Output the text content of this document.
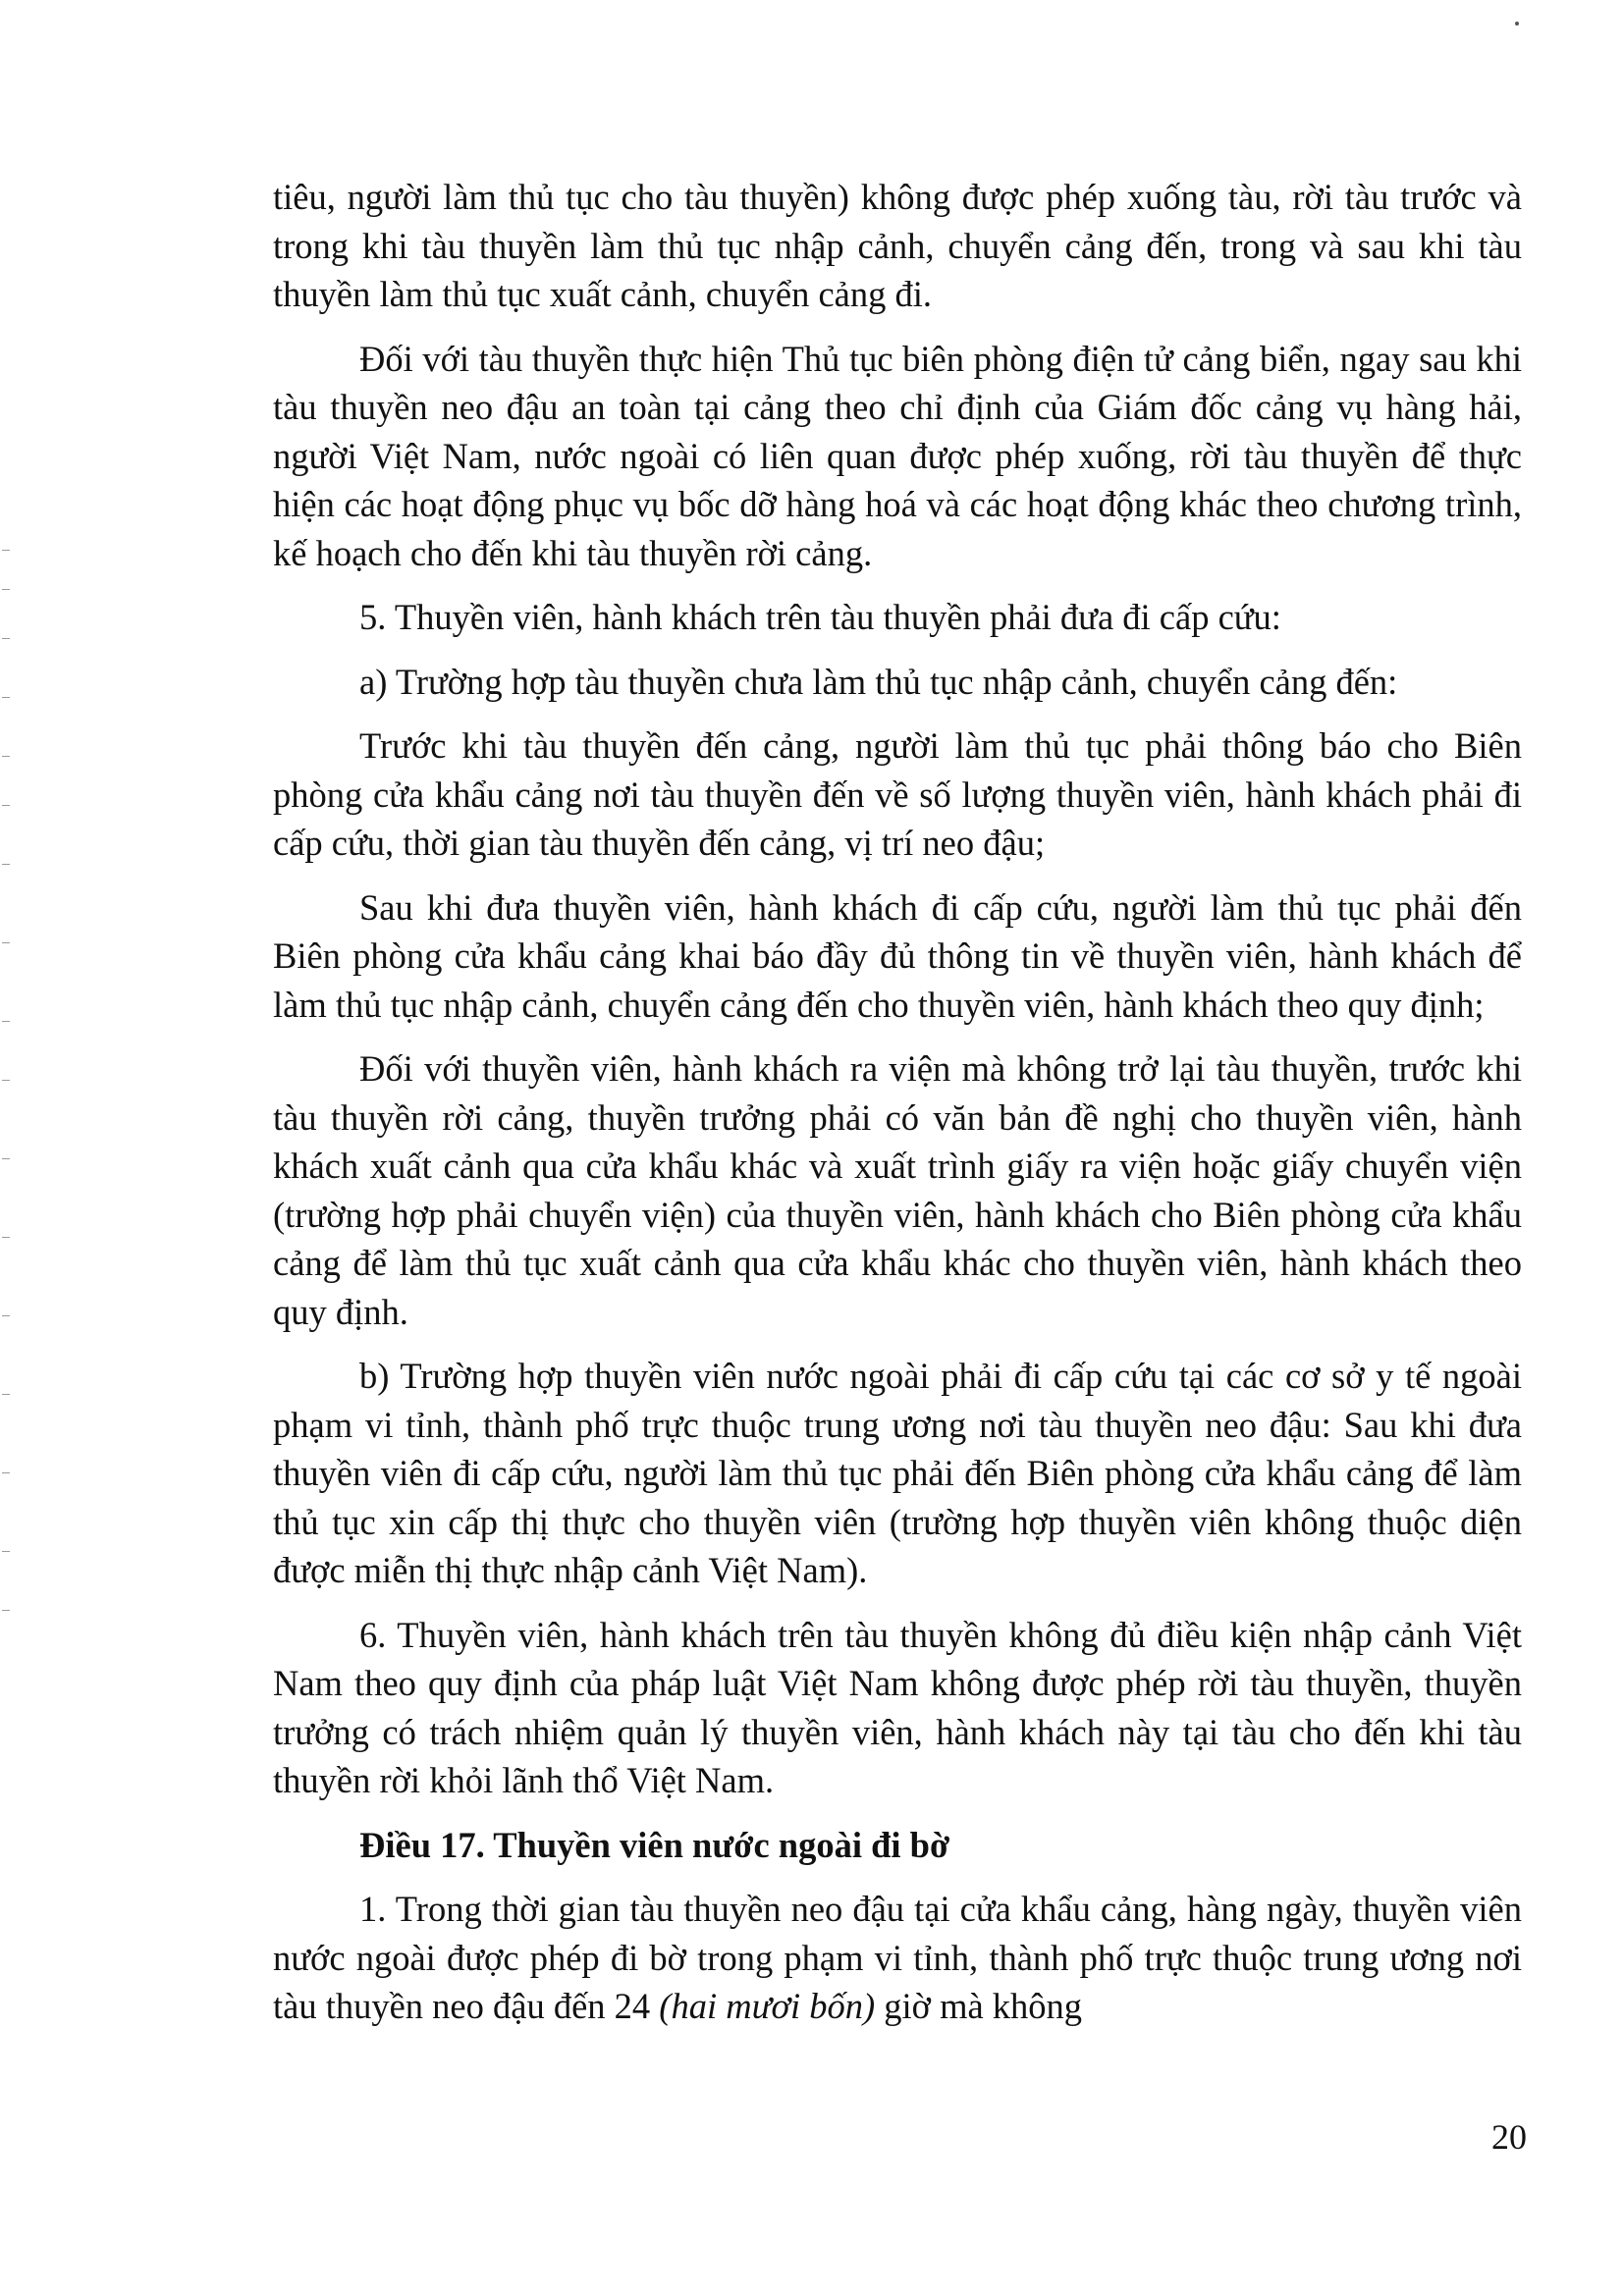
tiêu, người làm thủ tục cho tàu thuyền) không được phép xuống tàu, rời tàu trước và trong khi tàu thuyền làm thủ tục nhập cảnh, chuyển cảng đến, trong và sau khi tàu thuyền làm thủ tục xuất cảnh, chuyển cảng đi.

Đối với tàu thuyền thực hiện Thủ tục biên phòng điện tử cảng biển, ngay sau khi tàu thuyền neo đậu an toàn tại cảng theo chỉ định của Giám đốc cảng vụ hàng hải, người Việt Nam, nước ngoài có liên quan được phép xuống, rời tàu thuyền để thực hiện các hoạt động phục vụ bốc dỡ hàng hoá và các hoạt động khác theo chương trình, kế hoạch cho đến khi tàu thuyền rời cảng.

5. Thuyền viên, hành khách trên tàu thuyền phải đưa đi cấp cứu:

a) Trường hợp tàu thuyền chưa làm thủ tục nhập cảnh, chuyển cảng đến:

Trước khi tàu thuyền đến cảng, người làm thủ tục phải thông báo cho Biên phòng cửa khẩu cảng nơi tàu thuyền đến về số lượng thuyền viên, hành khách phải đi cấp cứu, thời gian tàu thuyền đến cảng, vị trí neo đậu;

Sau khi đưa thuyền viên, hành khách đi cấp cứu, người làm thủ tục phải đến Biên phòng cửa khẩu cảng khai báo đầy đủ thông tin về thuyền viên, hành khách để làm thủ tục nhập cảnh, chuyển cảng đến cho thuyền viên, hành khách theo quy định;

Đối với thuyền viên, hành khách ra viện mà không trở lại tàu thuyền, trước khi tàu thuyền rời cảng, thuyền trưởng phải có văn bản đề nghị cho thuyền viên, hành khách xuất cảnh qua cửa khẩu khác và xuất trình giấy ra viện hoặc giấy chuyển viện (trường hợp phải chuyển viện) của thuyền viên, hành khách cho Biên phòng cửa khẩu cảng để làm thủ tục xuất cảnh qua cửa khẩu khác cho thuyền viên, hành khách theo quy định.

b) Trường hợp thuyền viên nước ngoài phải đi cấp cứu tại các cơ sở y tế ngoài phạm vi tỉnh, thành phố trực thuộc trung ương nơi tàu thuyền neo đậu: Sau khi đưa thuyền viên đi cấp cứu, người làm thủ tục phải đến Biên phòng cửa khẩu cảng để làm thủ tục xin cấp thị thực cho thuyền viên (trường hợp thuyền viên không thuộc diện được miễn thị thực nhập cảnh Việt Nam).

6. Thuyền viên, hành khách trên tàu thuyền không đủ điều kiện nhập cảnh Việt Nam theo quy định của pháp luật Việt Nam không được phép rời tàu thuyền, thuyền trưởng có trách nhiệm quản lý thuyền viên, hành khách này tại tàu cho đến khi tàu thuyền rời khỏi lãnh thổ Việt Nam.

Điều 17. Thuyền viên nước ngoài đi bờ

1. Trong thời gian tàu thuyền neo đậu tại cửa khẩu cảng, hàng ngày, thuyền viên nước ngoài được phép đi bờ trong phạm vi tỉnh, thành phố trực thuộc trung ương nơi tàu thuyền neo đậu đến 24 (hai mươi bốn) giờ mà không

20
